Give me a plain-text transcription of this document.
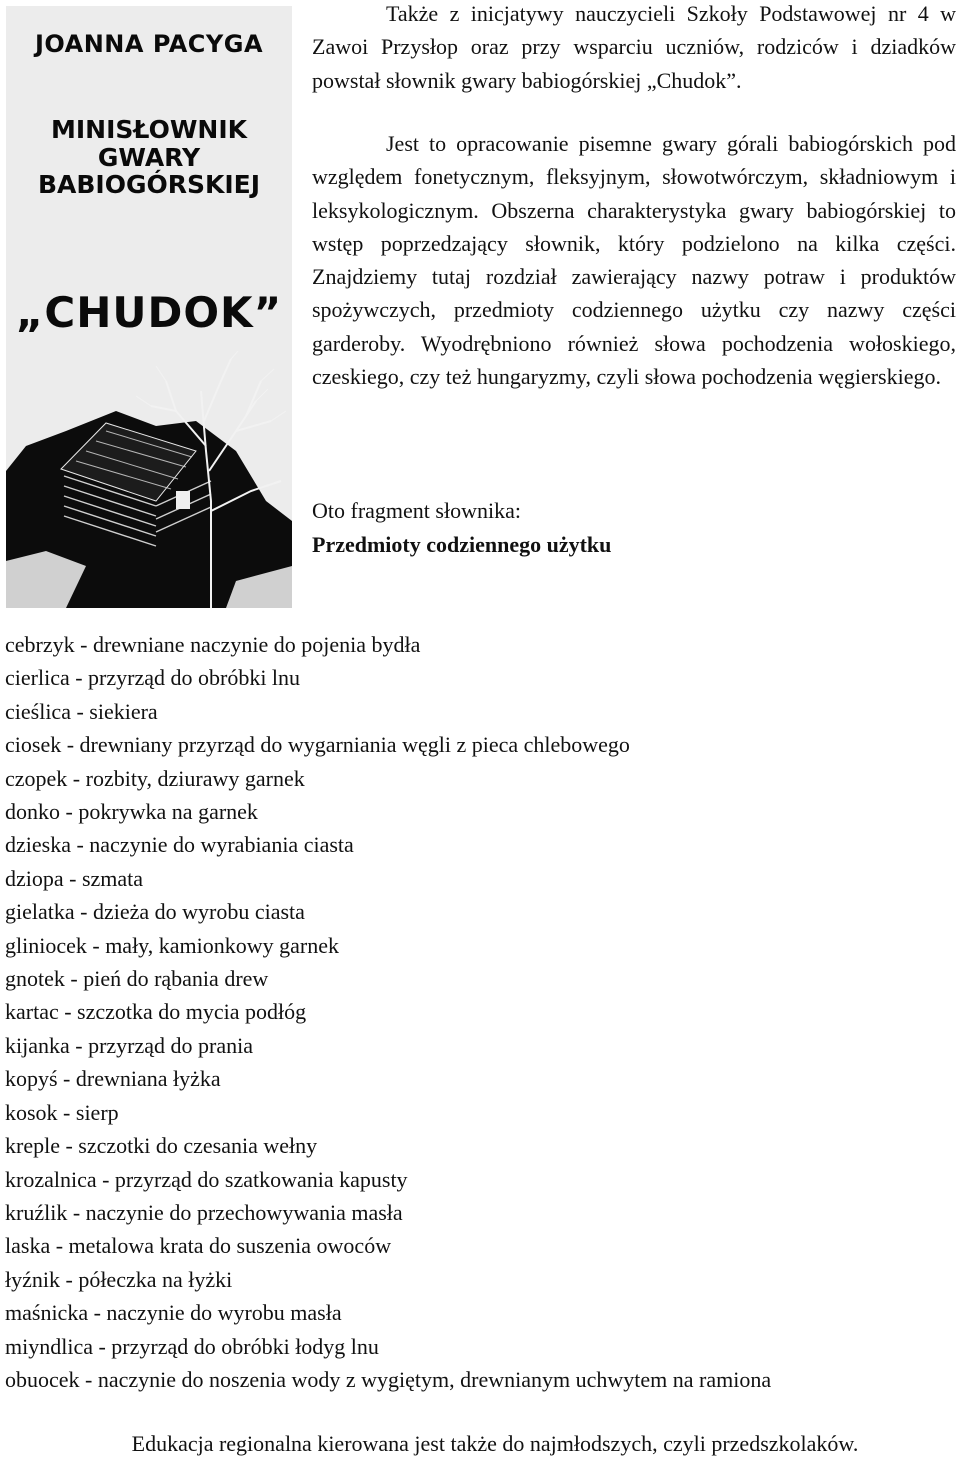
JOANNA PACYGA
MINISŁOWNIK
GWARY
BABIOGÓRSKIEJ
„CHUDOK”

Także z inicjatywy nauczycieli Szkoły Podstawowej nr 4 w Zawoi Przysłop oraz przy wsparciu uczniów, rodziców i dziadków powstał słownik gwary babiogórskiej „Chudok”.

Jest to opracowanie pisemne gwary górali babiogórskich pod względem fonetycznym, fleksyjnym, słowotwórczym, składniowym i leksykologicznym. Obszerna charakterystyka gwary babiogórskiej to wstęp poprzedzający słownik, który podzielono na kilka części. Znajdziemy tutaj rozdział zawierający nazwy potraw i produktów spożywczych, przedmioty codziennego użytku czy nazwy części garderoby. Wyodrębniono również słowa pochodzenia wołoskiego, czeskiego, czy też hungaryzmy, czyli słowa pochodzenia węgierskiego.

Oto fragment słownika:
Przedmioty codziennego użytku
cebrzyk - drewniane naczynie do pojenia bydła
cierlica - przyrząd do obróbki lnu
cieślica - siekiera
ciosek - drewniany przyrząd do wygarniania węgli z pieca chlebowego
czopek - rozbity, dziurawy garnek
donko - pokrywka na garnek
dzieska - naczynie do wyrabiania ciasta
dziopa - szmata
gielatka - dzieża do wyrobu ciasta
gliniocek - mały, kamionkowy garnek
gnotek - pień do rąbania drew
kartac - szczotka do mycia podłóg
kijanka - przyrząd do prania
kopyś - drewniana łyżka
kosok - sierp
kreple - szczotki do czesania wełny
krozalnica - przyrząd do szatkowania kapusty
kruźlik - naczynie do przechowywania masła
laska - metalowa krata do suszenia owoców
łyźnik - półeczka na łyżki
maśnicka - naczynie do wyrobu masła
miyndlica - przyrząd do obróbki łodyg lnu
obuocek - naczynie do noszenia wody z wygiętym, drewnianym uchwytem na ramiona
Edukacja regionalna kierowana jest także do najmłodszych, czyli przedszkolaków.
